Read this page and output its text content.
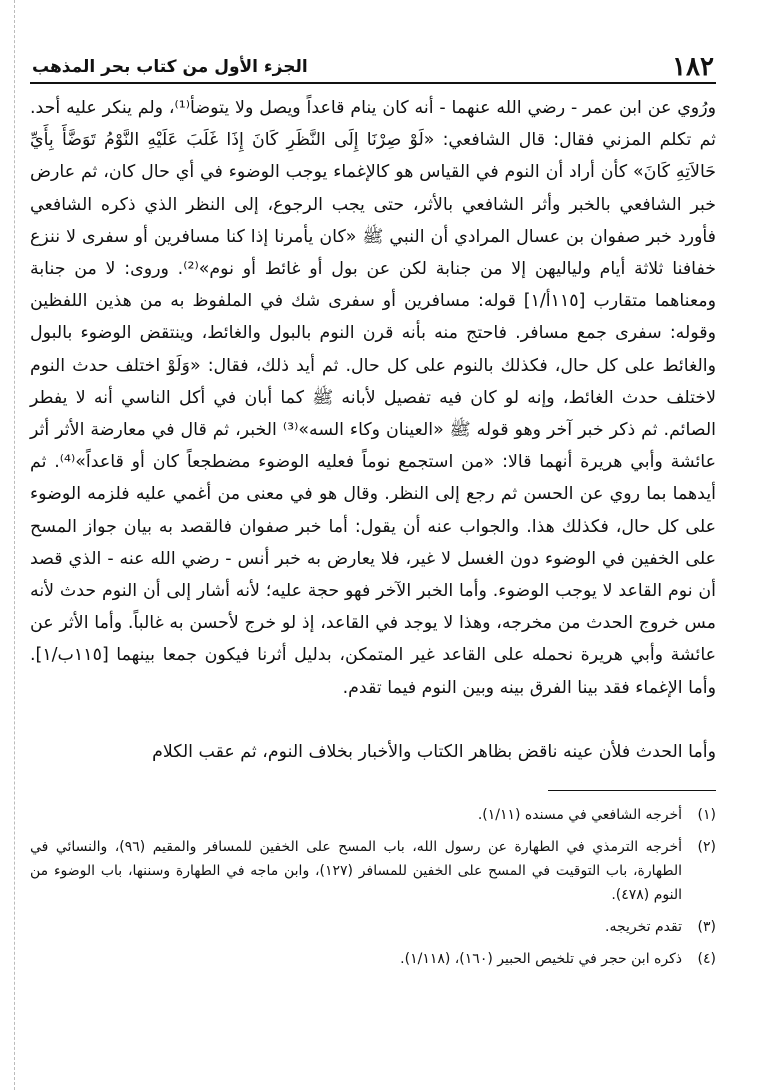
١٨٢
الجزء الأول من كتاب بحر المذهب

ورُوي عن ابن عمر - رضي الله عنهما - أنه كان ينام قاعداً ويصل ولا يتوضأ⁽¹⁾، ولم ينكر عليه أحد. ثم تكلم المزني فقال: قال الشافعي: «لَوْ صِرْنَا إِلَى النَّظَرِ كَانَ إِذَا غَلَبَ عَلَيْهِ النَّوْمُ تَوَضَّأَ بِأَيِّ حَالاَتِهِ كَانَ» كأن أراد أن النوم في القياس هو كالإغماء يوجب الوضوء في أي حال كان، ثم عارض خبر الشافعي بالخبر وأثر الشافعي بالأثر، حتى يجب الرجوع، إلى النظر الذي ذكره الشافعي فأورد خبر صفوان بن عسال المرادي أن النبي ﷺ «كان يأمرنا إذا كنا مسافرين أو سفرى لا ننزع خفافنا ثلاثة أيام ولياليهن إلا من جنابة لكن عن بول أو غائط أو نوم»⁽²⁾. وروى: لا من جنابة ومعناهما متقارب [١١٥أ/١] قوله: مسافرين أو سفرى شك في الملفوظ به من هذين اللفظين وقوله: سفرى جمع مسافر. فاحتج منه بأنه قرن النوم بالبول والغائط، وينتقض الوضوء بالبول والغائط على كل حال، فكذلك بالنوم على كل حال. ثم أيد ذلك، فقال: «وَلَوْ اختلف حدث النوم لاختلف حدث الغائط، وإنه لو كان فيه تفصيل لأبانه ﷺ كما أبان في أكل الناسي أنه لا يفطر الصائم. ثم ذكر خبر آخر وهو قوله ﷺ «العينان وكاء السه»⁽³⁾ الخبر، ثم قال في معارضة الأثر أثر عائشة وأبي هريرة أنهما قالا: «من استجمع نوماً فعليه الوضوء مضطجعاً كان أو قاعداً»⁽⁴⁾. ثم أيدهما بما روي عن الحسن ثم رجع إلى النظر. وقال هو في معنى من أغمي عليه فلزمه الوضوء على كل حال، فكذلك هذا. والجواب عنه أن يقول: أما خبر صفوان فالقصد به بيان جواز المسح على الخفين في الوضوء دون الغسل لا غير، فلا يعارض به خبر أنس - رضي الله عنه - الذي قصد أن نوم القاعد لا يوجب الوضوء. وأما الخبر الآخر فهو حجة عليه؛ لأنه أشار إلى أن النوم حدث لأنه مس خروج الحدث من مخرجه، وهذا لا يوجد في القاعد، إذ لو خرج لأحسن به غالباً. وأما الأثر عن عائشة وأبي هريرة نحمله على القاعد غير المتمكن، بدليل أثرنا فيكون جمعا بينهما [١١٥ب/١]. وأما الإغماء فقد بينا الفرق بينه وبين النوم فيما تقدم.

وأما الحدث فلأن عينه ناقض بظاهر الكتاب والأخبار بخلاف النوم، ثم عقب الكلام

(١)
أخرجه الشافعي في مسنده (١/١١).
(٢)
أخرجه الترمذي في الطهارة عن رسول الله، باب المسح على الخفين للمسافر والمقيم (٩٦)، والنسائي في الطهارة، باب التوقيت في المسح على الخفين للمسافر (١٢٧)، وابن ماجه في الطهارة وسننها، باب الوضوء من النوم (٤٧٨).
(٣)
تقدم تخريجه.
(٤)
ذكره ابن حجر في تلخيص الحبير (١٦٠)، (١/١١٨).
